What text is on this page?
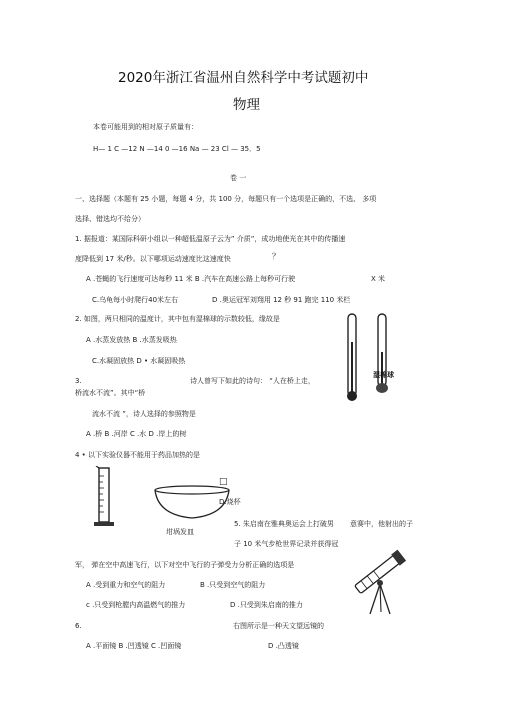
2020年浙江省温州自然科学中考试题初中
物理
本卷可能用到的相对原子质量有：
H— 1 C —12 N —14 0 —16 Na — 23 Cl — 35．5
卷 一
一、选择题（本题有 25 小题，每题 4 分，共 100 分，每题只有一个选项是正确的，不选、 多项
选择、错选均不给分）
1. 据报道：某国际科研小组以一种超低温原子云为” 介质”，成功地使光在其中的传播速
度降低到 17 米/秒。以下哪项运动速度比这速度快	？
A .苍蝇的飞行速度可达每秒 11 米 B .汽车在高速公路上每秒可行驶	X 米
C.乌龟每小时爬行40米左右	D .奥运冠军刘翔用 12 秒 91 跑完 110 米栏
2. 如图，两只相同的温度计，其中包有湿棉球的示数较低，缘故是
A .水蒸发放热 B .水蒸发吸热
C.水凝固放热 D • 水凝固吸热
湿棉球
3.	诗人曾写下如此的诗句： “人在桥上走，
桥流水不流”。其中“桥
流水不流 ”，诗人选择的参照物是
A .桥 B .河岸 C .水 D .岸上的树
4 • 以下实验仪器不能用于药品加热的是
坩埚发皿
□
D.烧杯
5. 朱启南在雅典奥运会上打破男 意赛中，他射出的子
子 10 米气步枪世界记录并获得冠
军， 弹在空中高速飞行，以下对空中飞行的子弹受力分析正确的选项是
A .受到重力和空气的阻力	B .只受到空气的阻力
c .只受到枪膛内高温燃气的推力	D .只受到朱启南的推力
6.	右图所示是一种天文望远镜的
A .平面镜 B .凹透镜 C .凹面镜	D .凸透镜
